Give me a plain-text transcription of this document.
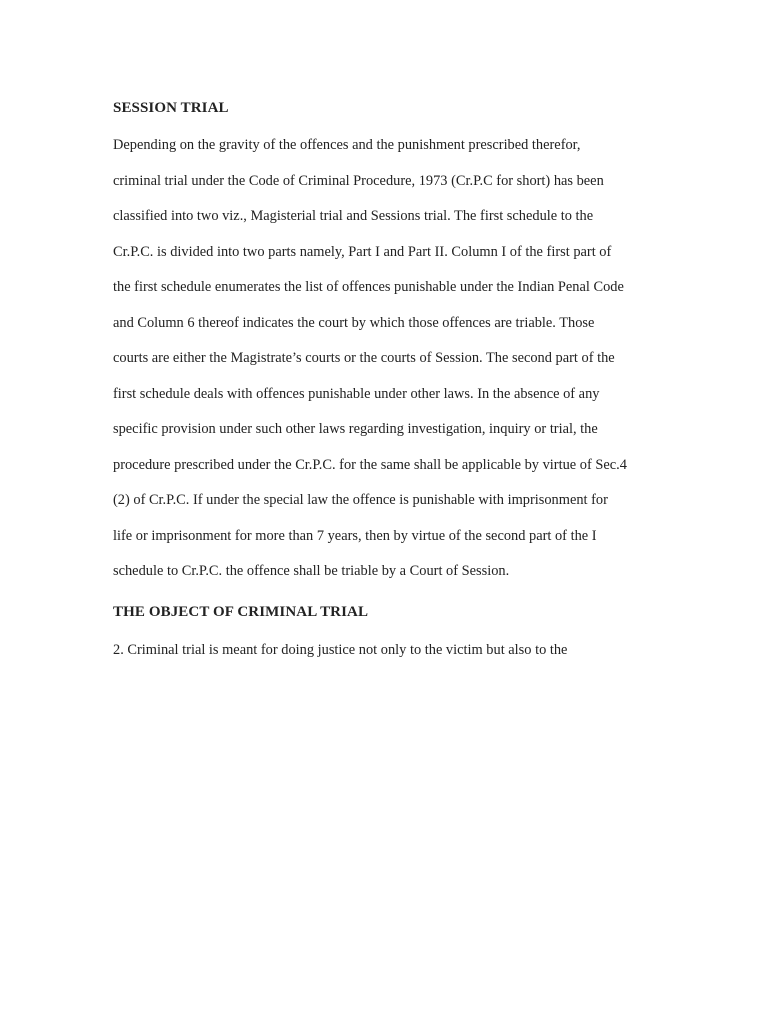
SESSION TRIAL

Depending on the gravity of the offences and the punishment prescribed therefor,

criminal trial under the Code of Criminal Procedure, 1973 (Cr.P.C for short) has been

classified into two viz., Magisterial trial and Sessions trial. The first schedule to the

Cr.P.C. is divided into two parts namely, Part I and Part II. Column I of the first part of

the first schedule enumerates the list of offences punishable under the Indian Penal Code

and Column 6 thereof indicates the court by which those offences are triable. Those

courts are either the Magistrate’s courts or the courts of Session. The second part of the

first schedule deals with offences punishable under other laws. In the absence of any

specific provision under such other laws regarding investigation, inquiry or trial, the

procedure prescribed under the Cr.P.C. for the same shall be applicable by virtue of Sec.4

(2) of Cr.P.C. If under the special law the offence is punishable with imprisonment for

life or imprisonment for more than 7 years, then by virtue of the second part of the I

schedule to Cr.P.C. the offence shall be triable by a Court of Session.

THE OBJECT OF CRIMINAL TRIAL

2. Criminal trial is meant for doing justice not only to the victim but also to the
